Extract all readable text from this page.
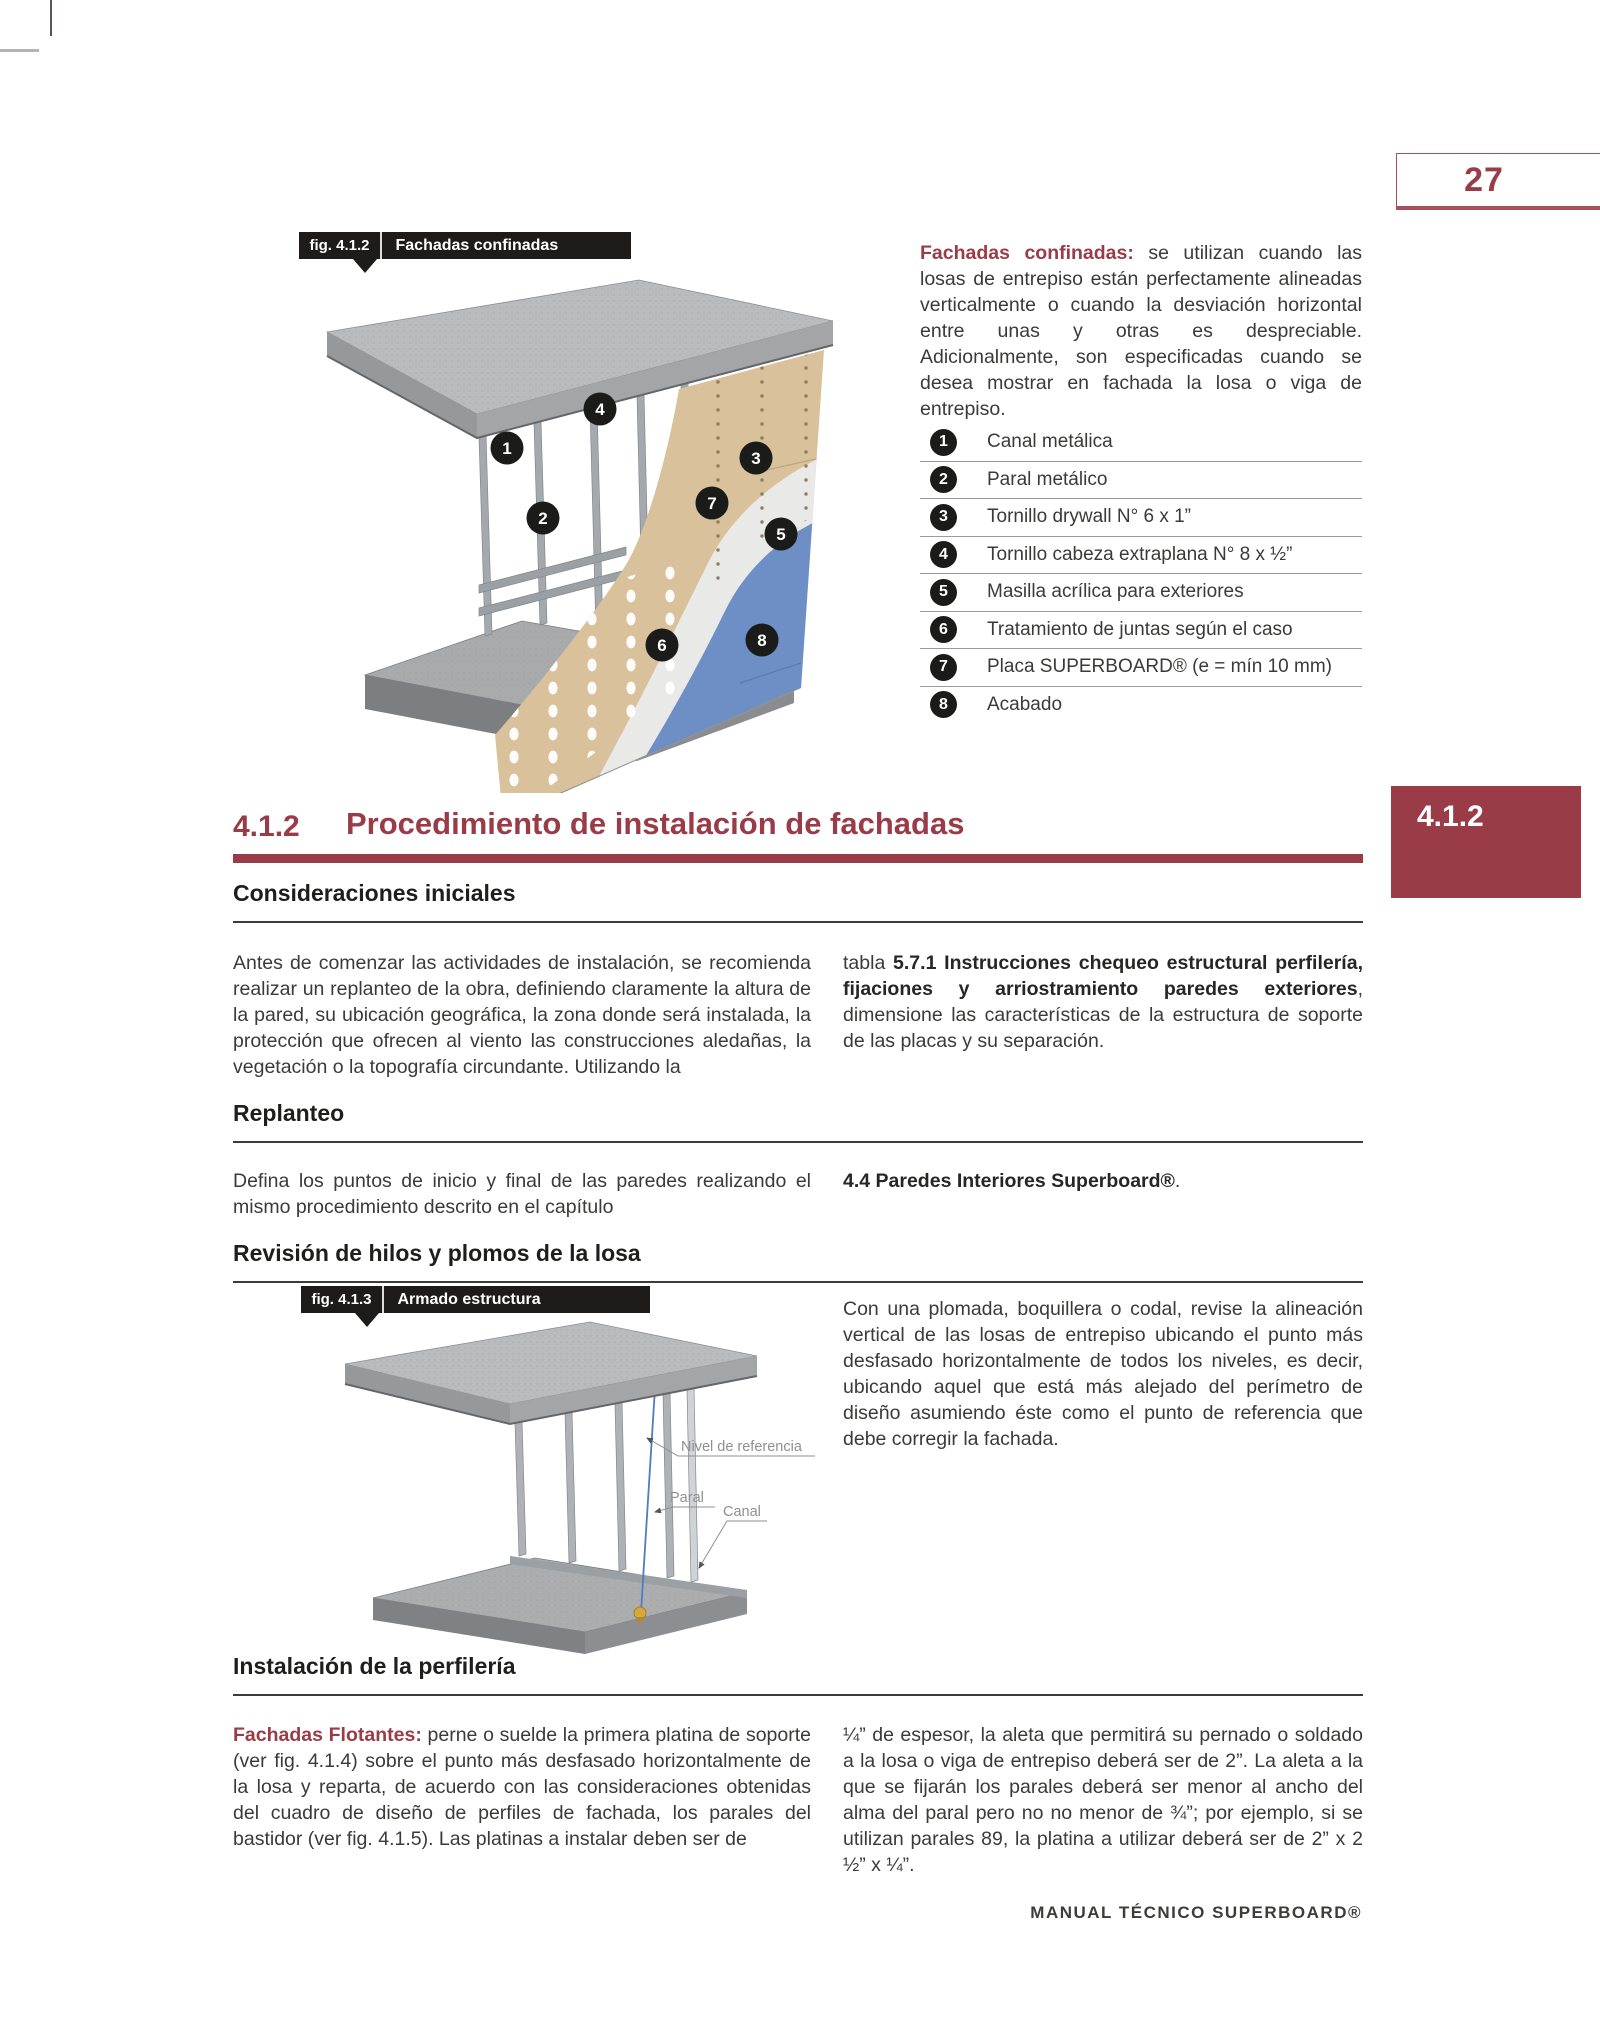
27
fig. 4.1.2	Fachadas confinadas
1
2
3
4
5
6
7
8

Fachadas confinadas: se utilizan cuando las losas de entrepiso están perfectamente alineadas verticalmente o cuando la desviación horizontal entre unas y otras es despreciable. Adicionalmente, son especificadas cuando se desea mostrar en fachada la losa o viga de entrepiso.

1	Canal metálica
2	Paral metálico
3	Tornillo drywall N° 6 x 1”
4	Tornillo cabeza extraplana N° 8 x ½”
5	Masilla acrílica para exteriores
6	Tratamiento de juntas según el caso
7	Placa SUPERBOARD® (e = mín 10 mm)
8	Acabado
4.1.2 Procedimiento de instalación de fachadas	4.1.2
Consideraciones iniciales

Antes de comenzar las actividades de instalación, se recomienda realizar un replanteo de la obra, definiendo claramente la altura de la pared, su ubicación geográfica, la zona donde será instalada, la protección que ofrecen al viento las construcciones aledañas, la vegetación o la topografía circundante. Utilizando la

tabla 5.7.1 Instrucciones chequeo estructural perfilería, fijaciones y arriostramiento paredes exteriores, dimensione las características de la estructura de soporte de las placas y su separación.

Replanteo

Defina los puntos de inicio y final de las paredes realizando el mismo procedimiento descrito en el capítulo

4.4 Paredes Interiores Superboard®.

Revisión de hilos y plomos de la losa
fig. 4.1.3	Armado estructura
Nivel de referencia
Paral
Canal

Con una plomada, boquillera o codal, revise la alineación vertical de las losas de entrepiso ubicando el punto más desfasado horizontalmente de todos los niveles, es decir, ubicando aquel que está más alejado del perímetro de diseño asumiendo éste como el punto de referencia que debe corregir la fachada.

Instalación de la perfilería

Fachadas Flotantes: perne o suelde la primera platina de soporte (ver fig. 4.1.4) sobre el punto más desfasado horizontalmente de la losa y reparta, de acuerdo con las consideraciones obtenidas del cuadro de diseño de perfiles de fachada, los parales del bastidor (ver fig. 4.1.5). Las platinas a instalar deben ser de

¼” de espesor, la aleta que permitirá su pernado o soldado a la losa o viga de entrepiso deberá ser de 2”. La aleta a la que se fijarán los parales deberá ser menor al ancho del alma del paral pero no no menor de ¾”; por ejemplo, si se utilizan parales 89, la platina a utilizar deberá ser de 2” x 2 ½” x ¼”.

MANUAL TÉCNICO SUPERBOARD®
